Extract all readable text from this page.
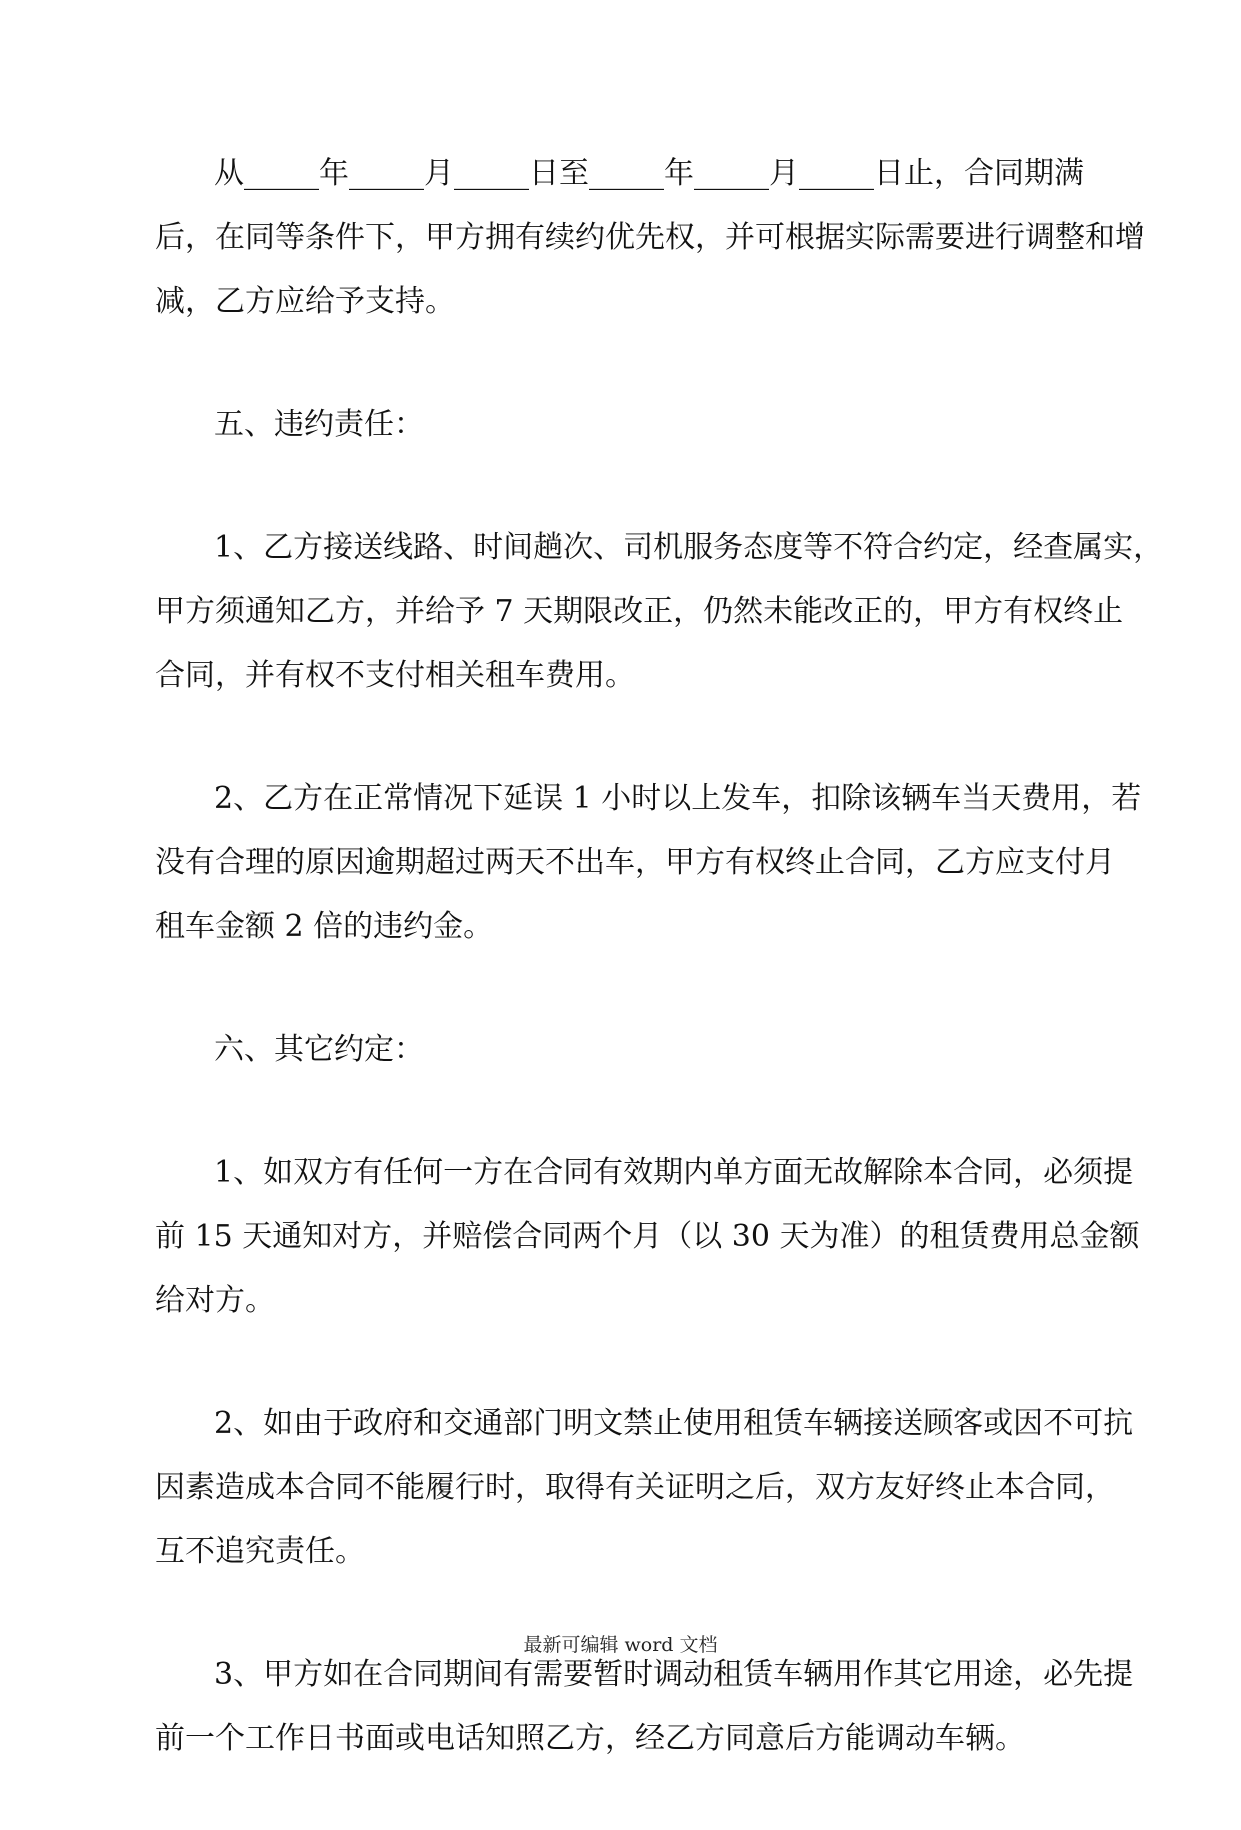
从_____年_____月_____日至_____年_____月_____日止，合同期满
后，在同等条件下，甲方拥有续约优先权，并可根据实际需要进行调整和增
减，乙方应给予支持。

五、违约责任：

1、乙方接送线路、时间趟次、司机服务态度等不符合约定，经查属实，
甲方须通知乙方，并给予 7 天期限改正，仍然未能改正的，甲方有权终止
合同，并有权不支付相关租车费用。

2、乙方在正常情况下延误 1 小时以上发车，扣除该辆车当天费用，若
没有合理的原因逾期超过两天不出车，甲方有权终止合同，乙方应支付月
租车金额 2 倍的违约金。

六、其它约定：

1、如双方有任何一方在合同有效期内单方面无故解除本合同，必须提
前 15 天通知对方，并赔偿合同两个月（以 30 天为准）的租赁费用总金额
给对方。

2、如由于政府和交通部门明文禁止使用租赁车辆接送顾客或因不可抗
因素造成本合同不能履行时，取得有关证明之后，双方友好终止本合同，
互不追究责任。

3、甲方如在合同期间有需要暂时调动租赁车辆用作其它用途，必先提
前一个工作日书面或电话知照乙方，经乙方同意后方能调动车辆。

最新可编辑 word 文档
